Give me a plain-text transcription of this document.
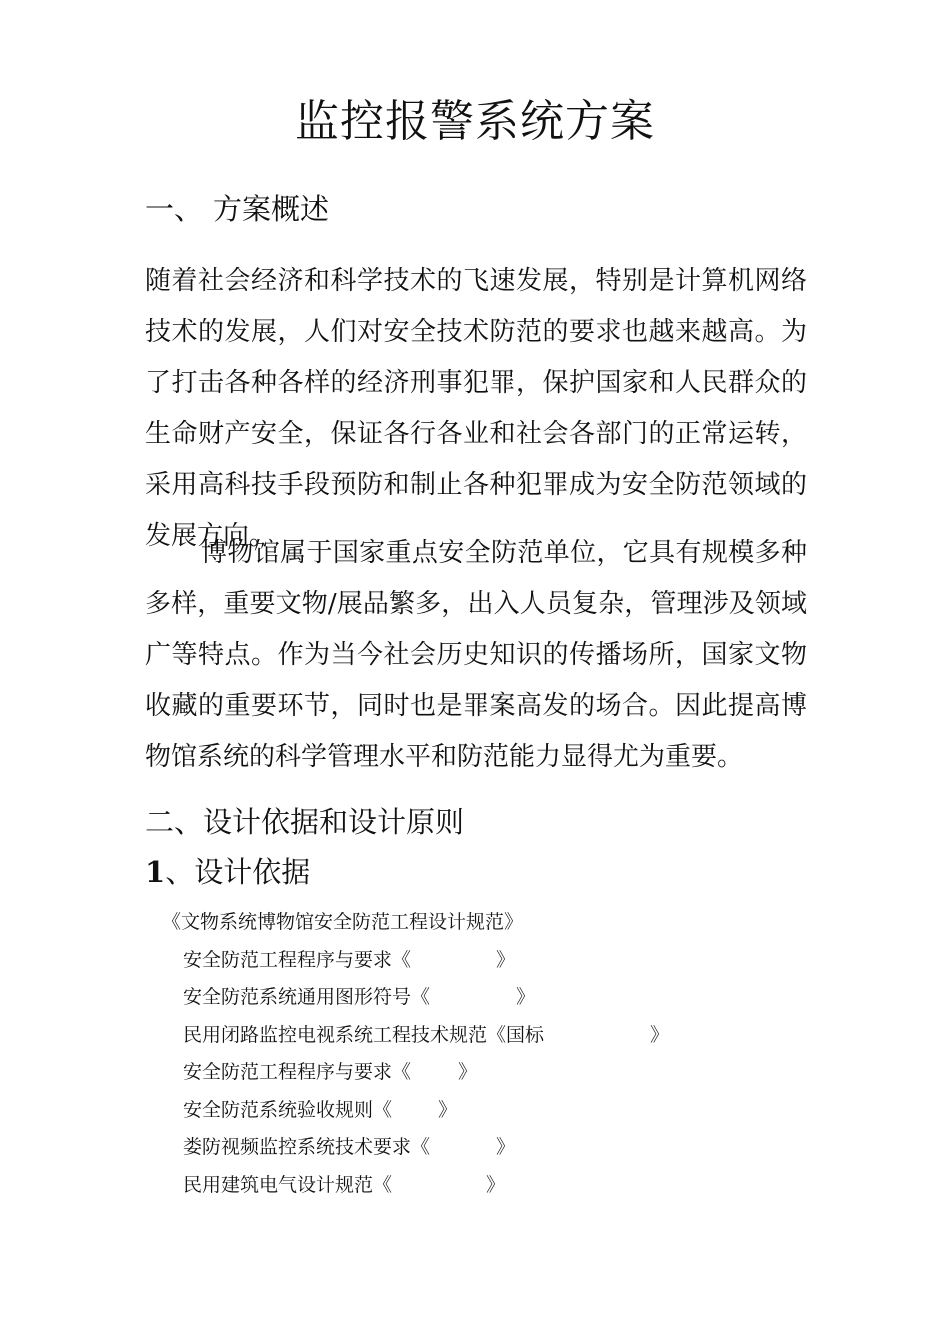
监控报警系统方案
一、 方案概述

随着社会经济和科学技术的飞速发展，特别是计算机网络技术的发展，人们对安全技术防范的要求也越来越高。为了打击各种各样的经济刑事犯罪，保护国家和人民群众的生命财产安全，保证各行各业和社会各部门的正常运转，采用高科技手段预防和制止各种犯罪成为安全防范领域的发展方向。

博物馆属于国家重点安全防范单位，它具有规模多种多样，重要文物/展品繁多，出入人员复杂，管理涉及领域广等特点。作为当今社会历史知识的传播场所，国家文物收藏的重要环节，同时也是罪案高发的场合。因此提高博物馆系统的科学管理水平和防范能力显得尤为重要。

二、设计依据和设计原则
1、设计依据
《文物系统博物馆安全防范工程设计规范》
安全防范工程程序与要求《	》
安全防范系统通用图形符号《	》
民用闭路监控电视系统工程技术规范《国标	》
安全防范工程程序与要求《 》
安全防范系统验收规则《 》
娄防视频监控系统技术要求《	》
民用建筑电气设计规范《	》
